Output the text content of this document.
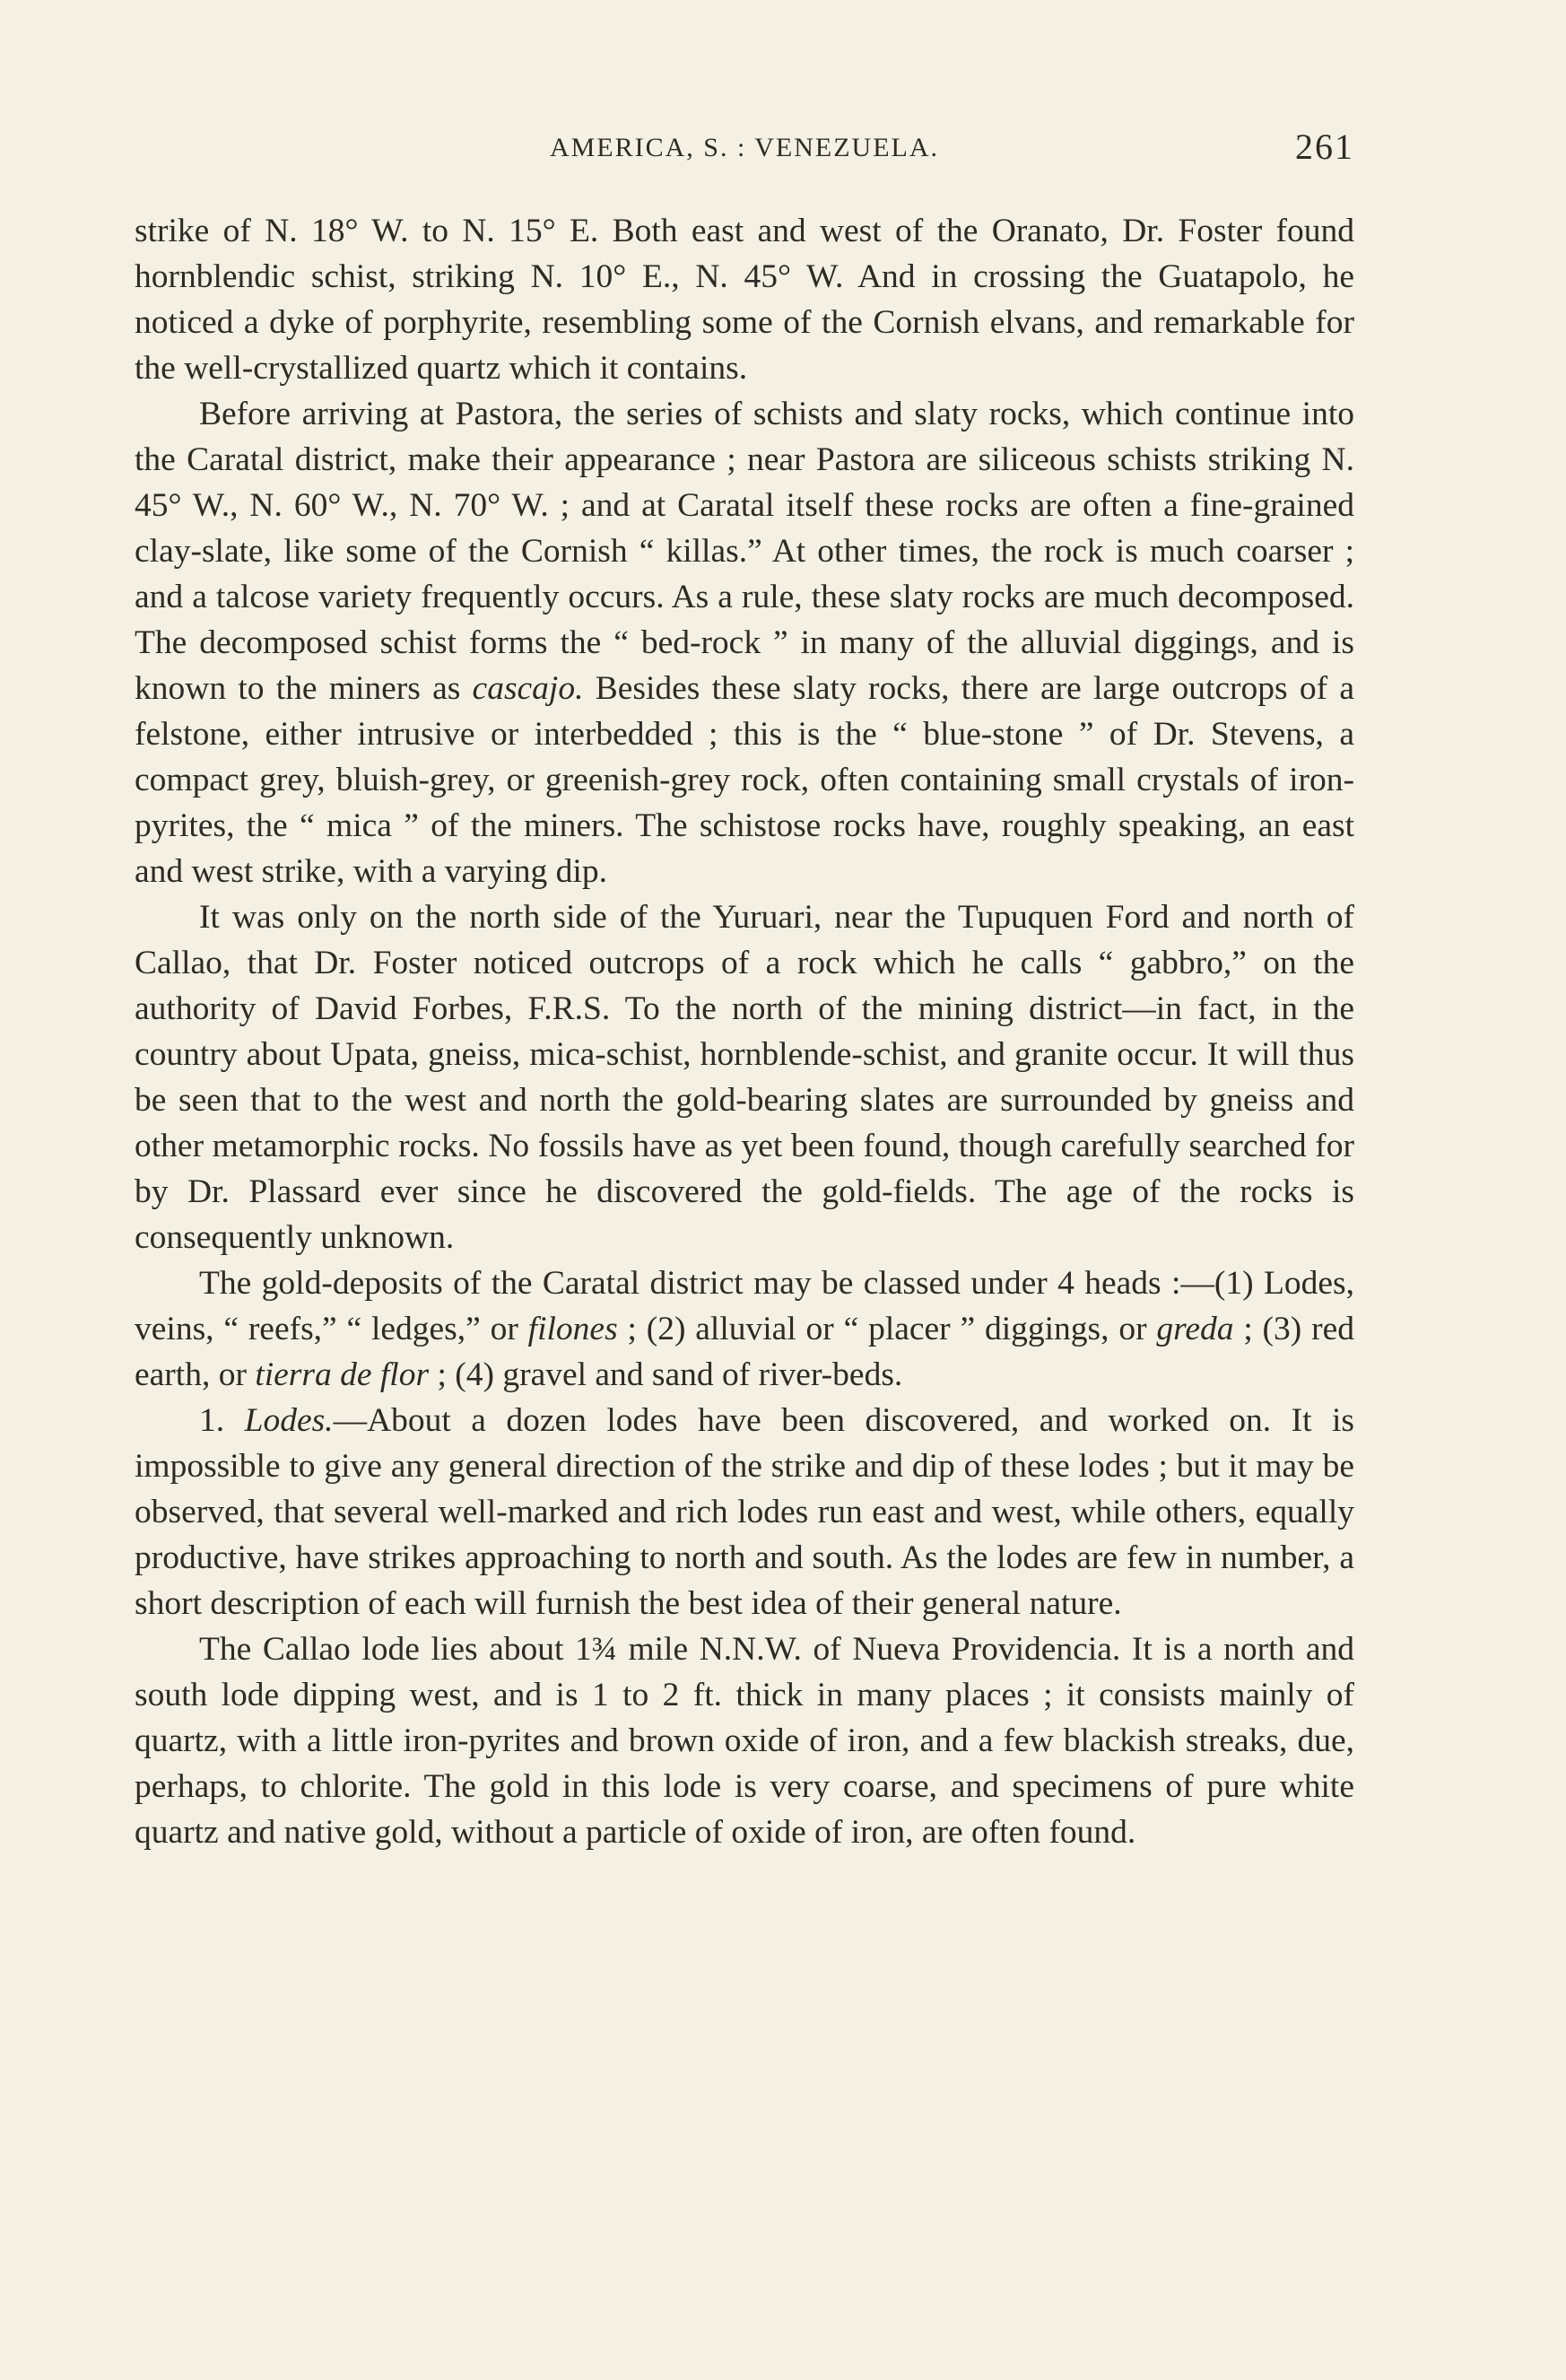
AMERICA, S. : VENEZUELA.	261

strike of N. 18° W. to N. 15° E. Both east and west of the Oranato, Dr. Foster found hornblendic schist, striking N. 10° E., N. 45° W. And in crossing the Guatapolo, he noticed a dyke of porphyrite, resembling some of the Cornish elvans, and remarkable for the well-crystallized quartz which it contains.

Before arriving at Pastora, the series of schists and slaty rocks, which continue into the Caratal district, make their appearance ; near Pastora are siliceous schists striking N. 45° W., N. 60° W., N. 70° W. ; and at Caratal itself these rocks are often a fine-grained clay-slate, like some of the Cornish “ killas.” At other times, the rock is much coarser ; and a talcose variety frequently occurs. As a rule, these slaty rocks are much decomposed. The decomposed schist forms the “ bed-rock ” in many of the alluvial diggings, and is known to the miners as cascajo. Besides these slaty rocks, there are large outcrops of a felstone, either intrusive or interbedded ; this is the “ blue-stone ” of Dr. Stevens, a compact grey, bluish-grey, or greenish-grey rock, often containing small crystals of iron-pyrites, the “ mica ” of the miners. The schistose rocks have, roughly speaking, an east and west strike, with a varying dip.

It was only on the north side of the Yuruari, near the Tupuquen Ford and north of Callao, that Dr. Foster noticed outcrops of a rock which he calls “ gabbro,” on the authority of David Forbes, F.R.S. To the north of the mining district—in fact, in the country about Upata, gneiss, mica-schist, hornblende-schist, and granite occur. It will thus be seen that to the west and north the gold-bearing slates are surrounded by gneiss and other metamorphic rocks. No fossils have as yet been found, though carefully searched for by Dr. Plassard ever since he discovered the gold-fields. The age of the rocks is consequently unknown.

The gold-deposits of the Caratal district may be classed under 4 heads :—(1) Lodes, veins, “ reefs,” “ ledges,” or filones ; (2) alluvial or “ placer ” diggings, or greda ; (3) red earth, or tierra de flor ; (4) gravel and sand of river-beds.

1. Lodes.—About a dozen lodes have been discovered, and worked on. It is impossible to give any general direction of the strike and dip of these lodes ; but it may be observed, that several well-marked and rich lodes run east and west, while others, equally productive, have strikes approaching to north and south. As the lodes are few in number, a short description of each will furnish the best idea of their general nature.

The Callao lode lies about 1¾ mile N.N.W. of Nueva Providencia. It is a north and south lode dipping west, and is 1 to 2 ft. thick in many places ; it consists mainly of quartz, with a little iron-pyrites and brown oxide of iron, and a few blackish streaks, due, perhaps, to chlorite. The gold in this lode is very coarse, and specimens of pure white quartz and native gold, without a particle of oxide of iron, are often found.
